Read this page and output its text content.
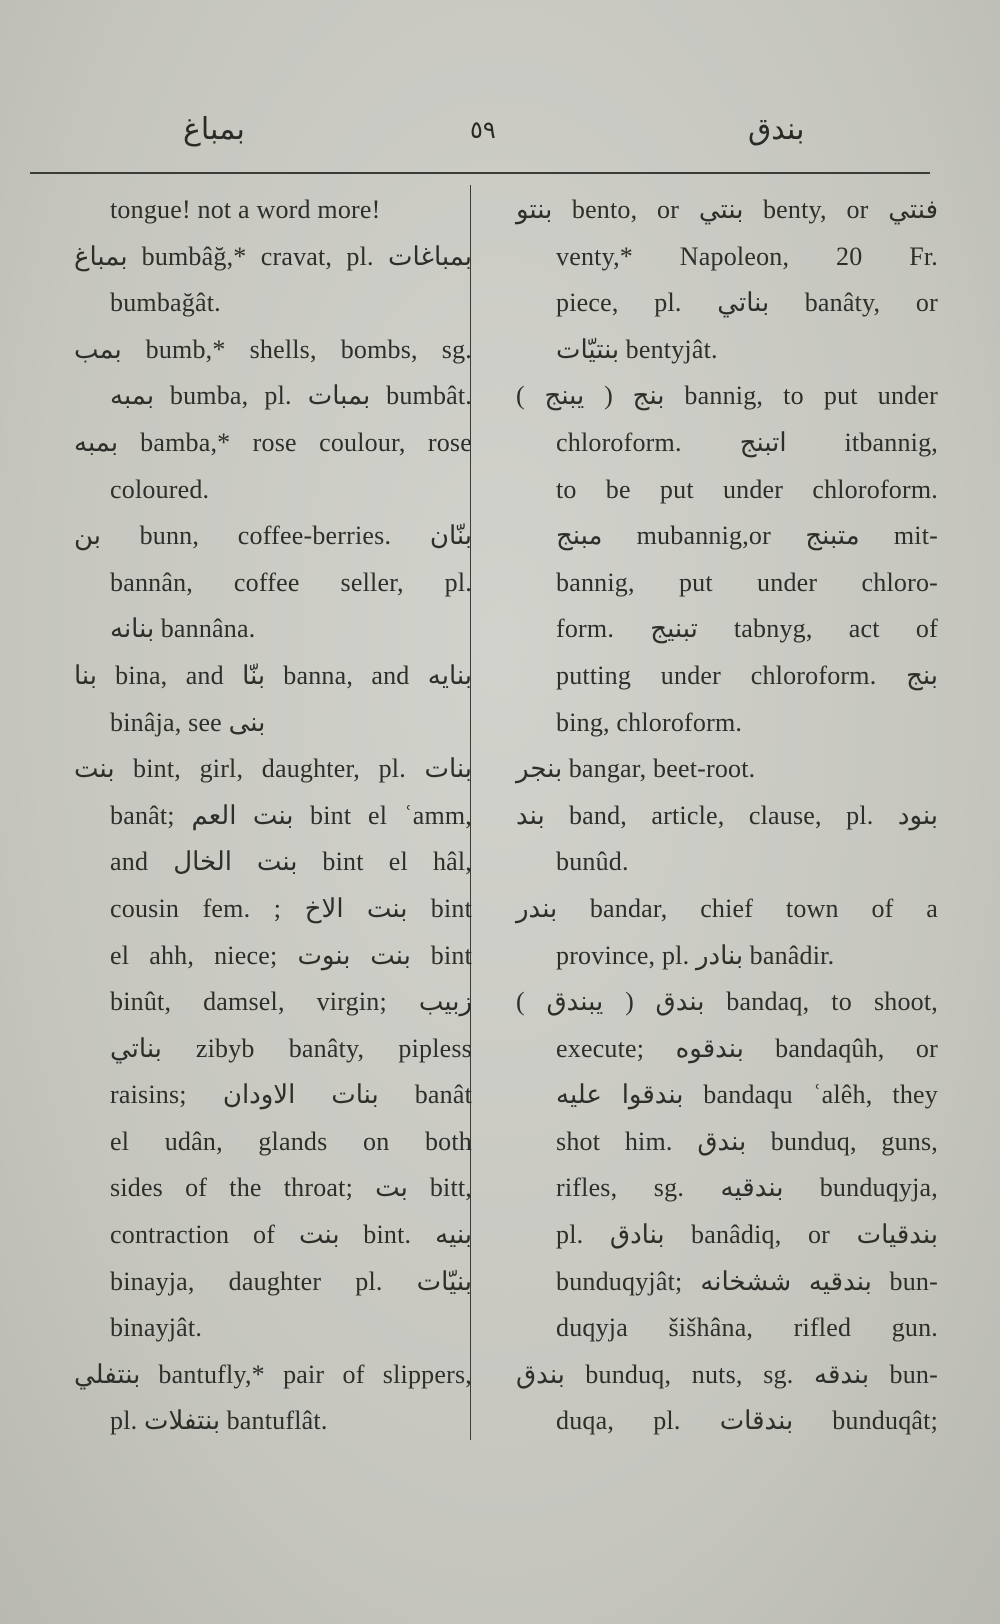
بمباغ	٥٩	بندق
tongue! not a word more!
بمباغ bumbâğ,* cravat, pl. بمباغات
bumbağât.
بمب bumb,* shells, bombs, sg.
بمبه bumba, pl. بمبات bumbât.
بمبه bamba,* rose coulour, rose
coloured.
بن bunn, coffee-berries. بنّان
bannân, coffee seller, pl.
بنانه bannâna.
بنا bina, and بنّا banna, and بنايه
binâja, see بنى
بنت bint, girl, daughter, pl. بنات
banât; بنت العم bint el ʿamm,
and بنت الخال bint el hâl,
cousin fem. ; بنت الاخ bint
el ahh, niece; بنت بنوت bint
binût, damsel, virgin; زبيب
بناتي zibyb banâty, pipless
raisins; بنات الاودان banât
el udân, glands on both
sides of the throat; بت bitt,
contraction of بنت bint. بنيه
binayja, daughter pl. بنيّات
binayjât.
بنتفلي bantufly,* pair of slippers,
pl. بنتفلات bantuflât.
بنتو bento, or بنتي benty, or فنتي
venty,* Napoleon, 20 Fr.
piece, pl. بناتي banâty, or
بنتيّات bentyjât.
بنج ( يبنج ) bannig, to put under
chloroform. اتبنج itbannig,
to be put under chloroform.
مبنج mubannig,or متبنج mit-
bannig, put under chloro-
form. تبنيج tabnyg, act of
putting under chloroform. بنج
bing, chloroform.
بنجر bangar, beet-root.
بند band, article, clause, pl. بنود
bunûd.
بندر bandar, chief town of a
province, pl. بنادر banâdir.
بندق ( يبندق ) bandaq, to shoot,
execute; بندقوه bandaqûh, or
بندقوا عليه bandaqu ʿalêh, they
shot him. بندق bunduq, guns,
rifles, sg. بندقيه bunduqyja,
pl. بنادق banâdiq, or بندقيات
bunduqyjât; بندقيه ششخانه bun-
duqyja šišhâna, rifled gun.
بندق bunduq, nuts, sg. بندقه bun-
duqa, pl. بندقات bunduqât;
